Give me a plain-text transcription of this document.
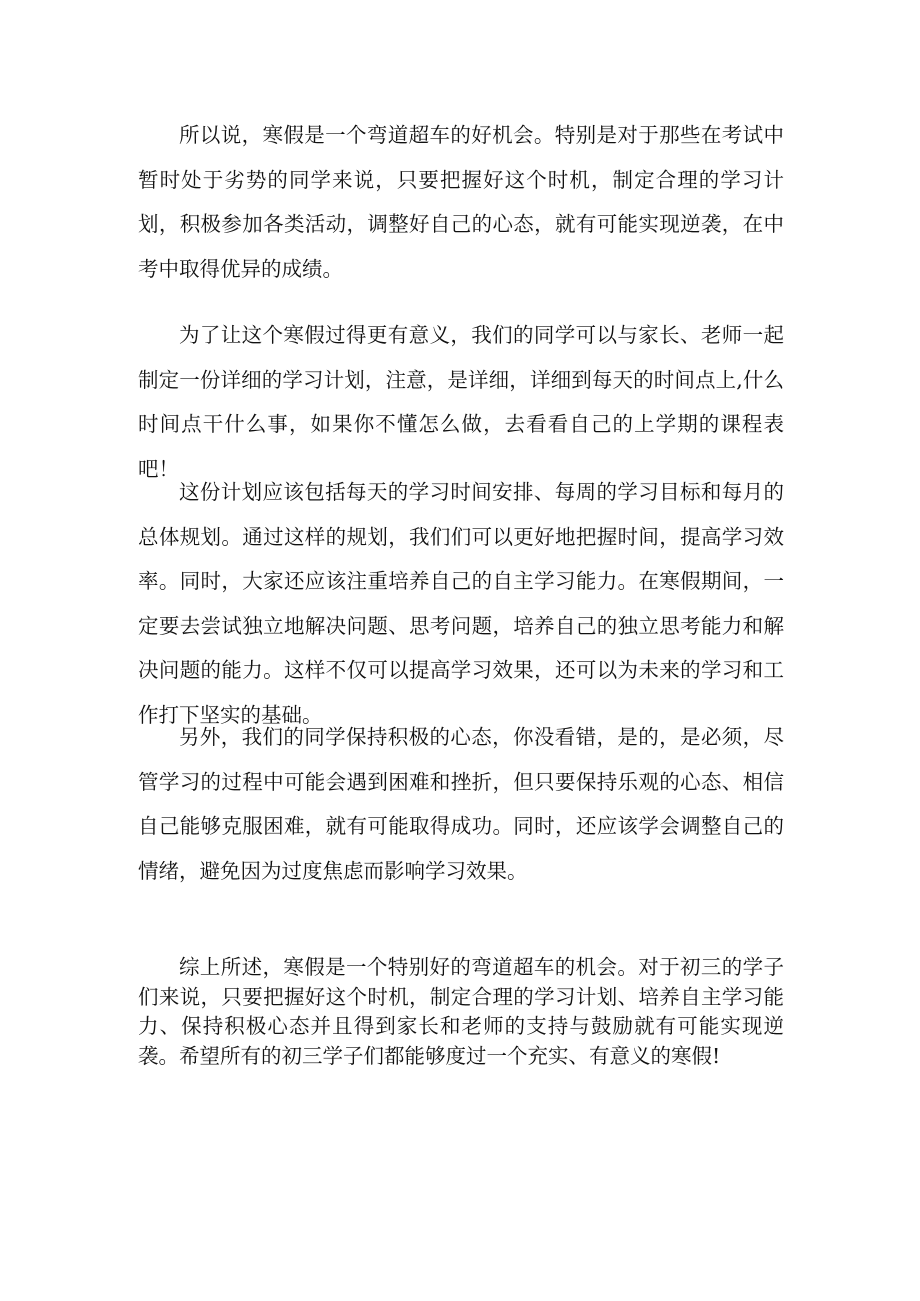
所以说，寒假是一个弯道超车的好机会。特别是对于那些在考试中暂时处于劣势的同学来说，只要把握好这个时机，制定合理的学习计划，积极参加各类活动，调整好自己的心态，就有可能实现逆袭，在中考中取得优异的成绩。

为了让这个寒假过得更有意义，我们的同学可以与家长、老师一起制定一份详细的学习计划，注意，是详细，详细到每天的时间点上,什么时间点干什么事，如果你不懂怎么做，去看看自己的上学期的课程表吧！

这份计划应该包括每天的学习时间安排、每周的学习目标和每月的总体规划。通过这样的规划，我们们可以更好地把握时间，提高学习效率。同时，大家还应该注重培养自己的自主学习能力。在寒假期间，一定要去尝试独立地解决问题、思考问题，培养自己的独立思考能力和解决问题的能力。这样不仅可以提高学习效果，还可以为未来的学习和工作打下坚实的基础。

另外，我们的同学保持积极的心态，你没看错，是的，是必须，尽管学习的过程中可能会遇到困难和挫折，但只要保持乐观的心态、相信自己能够克服困难，就有可能取得成功。同时，还应该学会调整自己的情绪，避免因为过度焦虑而影响学习效果。

综上所述，寒假是一个特别好的弯道超车的机会。对于初三的学子们来说，只要把握好这个时机，制定合理的学习计划、培养自主学习能力、保持积极心态并且得到家长和老师的支持与鼓励就有可能实现逆袭。希望所有的初三学子们都能够度过一个充实、有意义的寒假!
